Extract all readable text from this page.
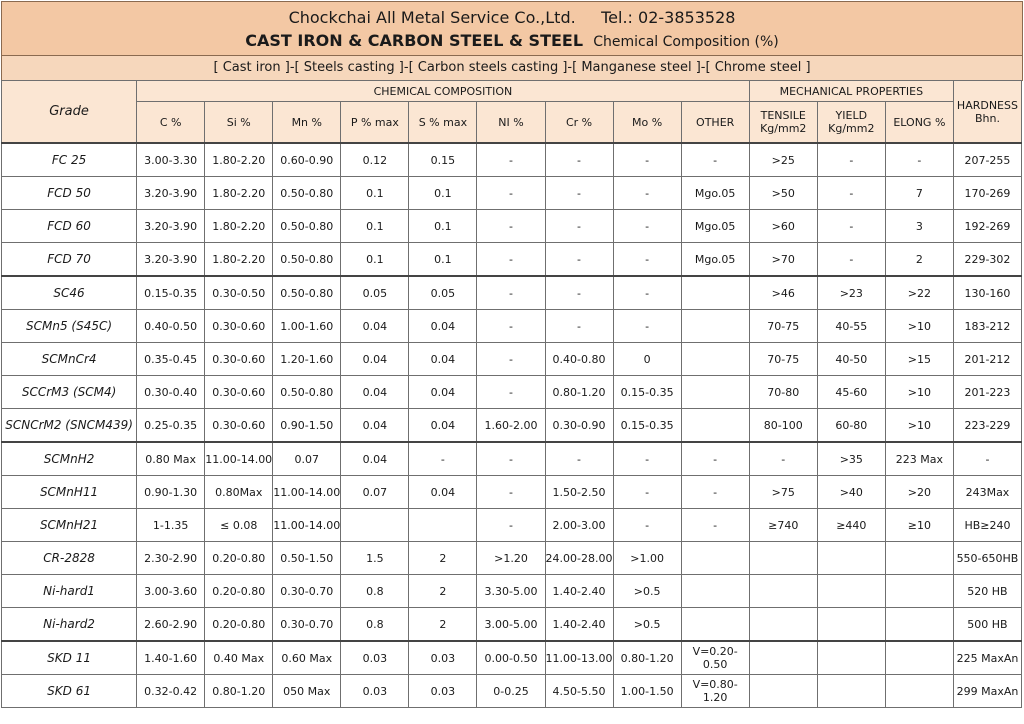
Chockchai All Metal Service Co.,Ltd. Tel.: 02-3853528
CAST IRON & CARBON STEEL & STEEL Chemical Composition (%)
[ Cast iron ]-[ Steels casting ]-[ Carbon steels casting ]-[ Manganese steel ]-[ Chrome steel ]
Grade	CHEMICAL COMPOSITION									MECHANICAL PROPERTIES			HARDNESS Bhn.
	C %	Si %	Mn %	P % max	S % max	NI %	Cr %	Mo %	OTHER	TENSILE Kg/mm2	YIELD Kg/mm2	ELONG %	
FC 25	3.00-3.30	1.80-2.20	0.60-0.90	0.12	0.15	-	-	-	-	>25	-	-	207-255
FCD 50	3.20-3.90	1.80-2.20	0.50-0.80	0.1	0.1	-	-	-	Mgo.05	>50	-	7	170-269
FCD 60	3.20-3.90	1.80-2.20	0.50-0.80	0.1	0.1	-	-	-	Mgo.05	>60	-	3	192-269
FCD 70	3.20-3.90	1.80-2.20	0.50-0.80	0.1	0.1	-	-	-	Mgo.05	>70	-	2	229-302
SC46	0.15-0.35	0.30-0.50	0.50-0.80	0.05	0.05	-	-	-		>46	>23	>22	130-160
SCMn5 (S45C)	0.40-0.50	0.30-0.60	1.00-1.60	0.04	0.04	-	-	-		70-75	40-55	>10	183-212
SCMnCr4	0.35-0.45	0.30-0.60	1.20-1.60	0.04	0.04	-	0.40-0.80	0		70-75	40-50	>15	201-212
SCCrM3 (SCM4)	0.30-0.40	0.30-0.60	0.50-0.80	0.04	0.04	-	0.80-1.20	0.15-0.35		70-80	45-60	>10	201-223
SCNCrM2 (SNCM439)	0.25-0.35	0.30-0.60	0.90-1.50	0.04	0.04	1.60-2.00	0.30-0.90	0.15-0.35		80-100	60-80	>10	223-229
SCMnH2	0.80 Max	11.00-14.00	0.07	0.04	-	-	-	-	-	-	>35	223 Max	-
SCMnH11	0.90-1.30	0.80Max	11.00-14.00	0.07	0.04	-	1.50-2.50	-	-	>75	>40	>20	243Max
SCMnH21	1-1.35	≤ 0.08	11.00-14.00			-	2.00-3.00	-	-	≥740	≥440	≥10	HB≥240
CR-2828	2.30-2.90	0.20-0.80	0.50-1.50	1.5	2	>1.20	24.00-28.00	>1.00					550-650HB
Ni-hard1	3.00-3.60	0.20-0.80	0.30-0.70	0.8	2	3.30-5.00	1.40-2.40	>0.5					520 HB
Ni-hard2	2.60-2.90	0.20-0.80	0.30-0.70	0.8	2	3.00-5.00	1.40-2.40	>0.5					500 HB
SKD 11	1.40-1.60	0.40 Max	0.60 Max	0.03	0.03	0.00-0.50	11.00-13.00	0.80-1.20	V=0.20-0.50				225 MaxAn
SKD 61	0.32-0.42	0.80-1.20	050 Max	0.03	0.03	0-0.25	4.50-5.50	1.00-1.50	V=0.80-1.20				299 MaxAn
